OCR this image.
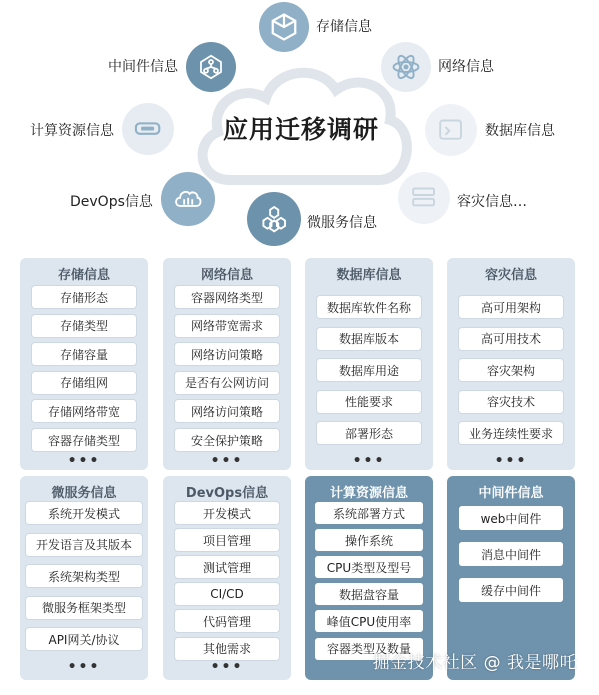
应用迁移调研
存储信息
网络信息
数据库信息
容灾信息…
微服务信息
DevOps信息
计算资源信息
中间件信息
存储信息
存储形态
存储类型
存储容量
存储组网
存储网络带宽
容器存储类型
•••
网络信息
容器网络类型
网络带宽需求
网络访问策略
是否有公网访问
网络访问策略
安全保护策略
•••
数据库信息
数据库软件名称
数据库版本
数据库用途
性能要求
部署形态
•••
容灾信息
高可用架构
高可用技术
容灾架构
容灾技术
业务连续性要求
•••
微服务信息
系统开发模式
开发语言及其版本
系统架构类型
微服务框架类型
API网关/协议
•••
DevOps信息
开发模式
项目管理
测试管理
CI/CD
代码管理
其他需求
•••
计算资源信息
系统部署方式
操作系统
CPU类型及型号
数据盘容量
峰值CPU使用率
容器类型及数量
中间件信息
web中间件
消息中间件
缓存中间件
掘金技术社区 @ 我是哪吒
